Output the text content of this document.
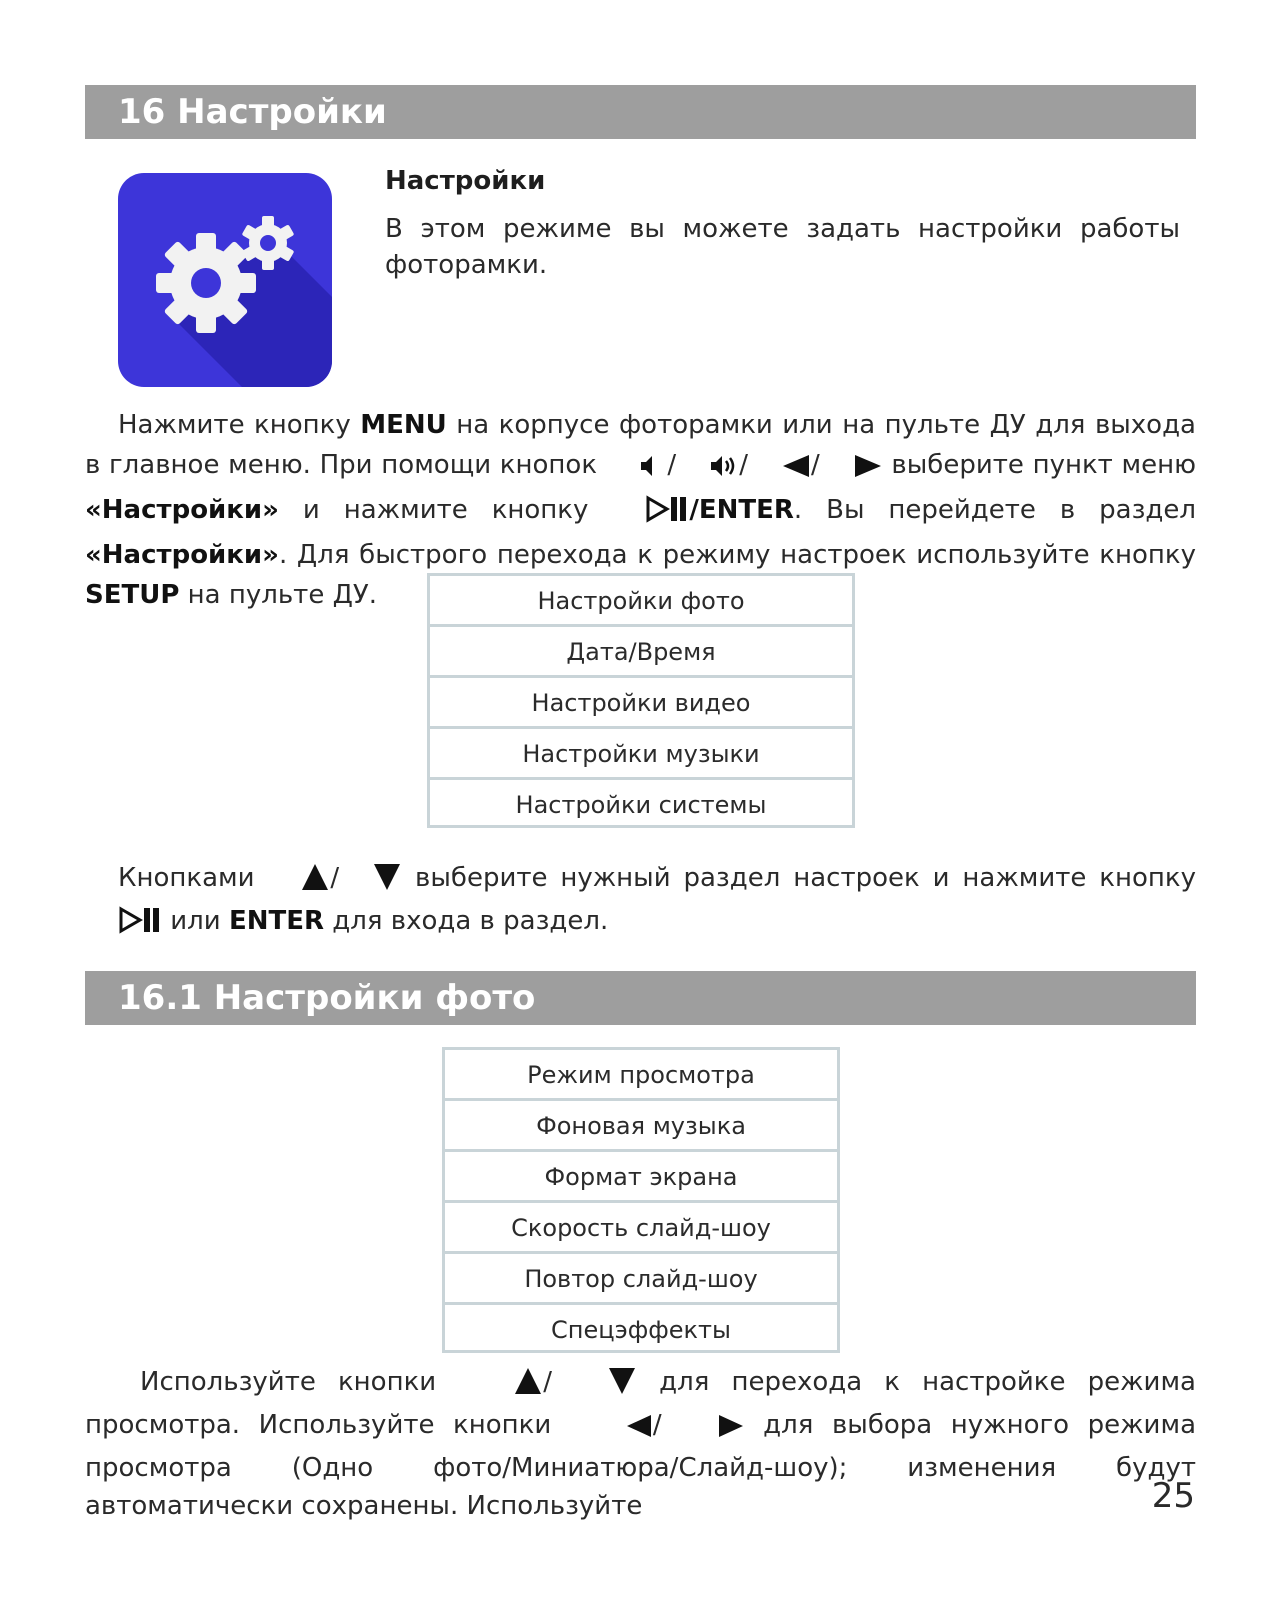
16 Настройки
Настройки
В этом режиме вы можете задать настройки работы фоторамки.

Нажмите кнопку MENU на корпусе фоторамки или на пульте ДУ для выхода в главное меню. При помощи кнопок  / / / выберите пункт меню «Настройки» и нажмите кнопку	/ENTER. Вы перейдете в раздел «Настройки». Для быстрого перехода к режиму настроек используйте кнопку SETUP на пульте ДУ.	Настройки фото
Дата/Время
Настройки видео
Настройки музыки
Настройки системы

Кнопками / выберите нужный раздел настроек и нажмите кнопку  или ENTER для входа в раздел.

16.1 Настройки фото
Режим просмотра
Фоновая музыка
Формат экрана
Скорость слайд-шоу
Повтор слайд-шоу
Спецэффекты

Используйте кнопки	/	для перехода к настройке режима просмотра. Используйте кнопки	/	для выбора нужного режима просмотра (Одно фото/Миниатюра/Слайд-шоу); изменения будут автоматически сохранены. Используйте	25
